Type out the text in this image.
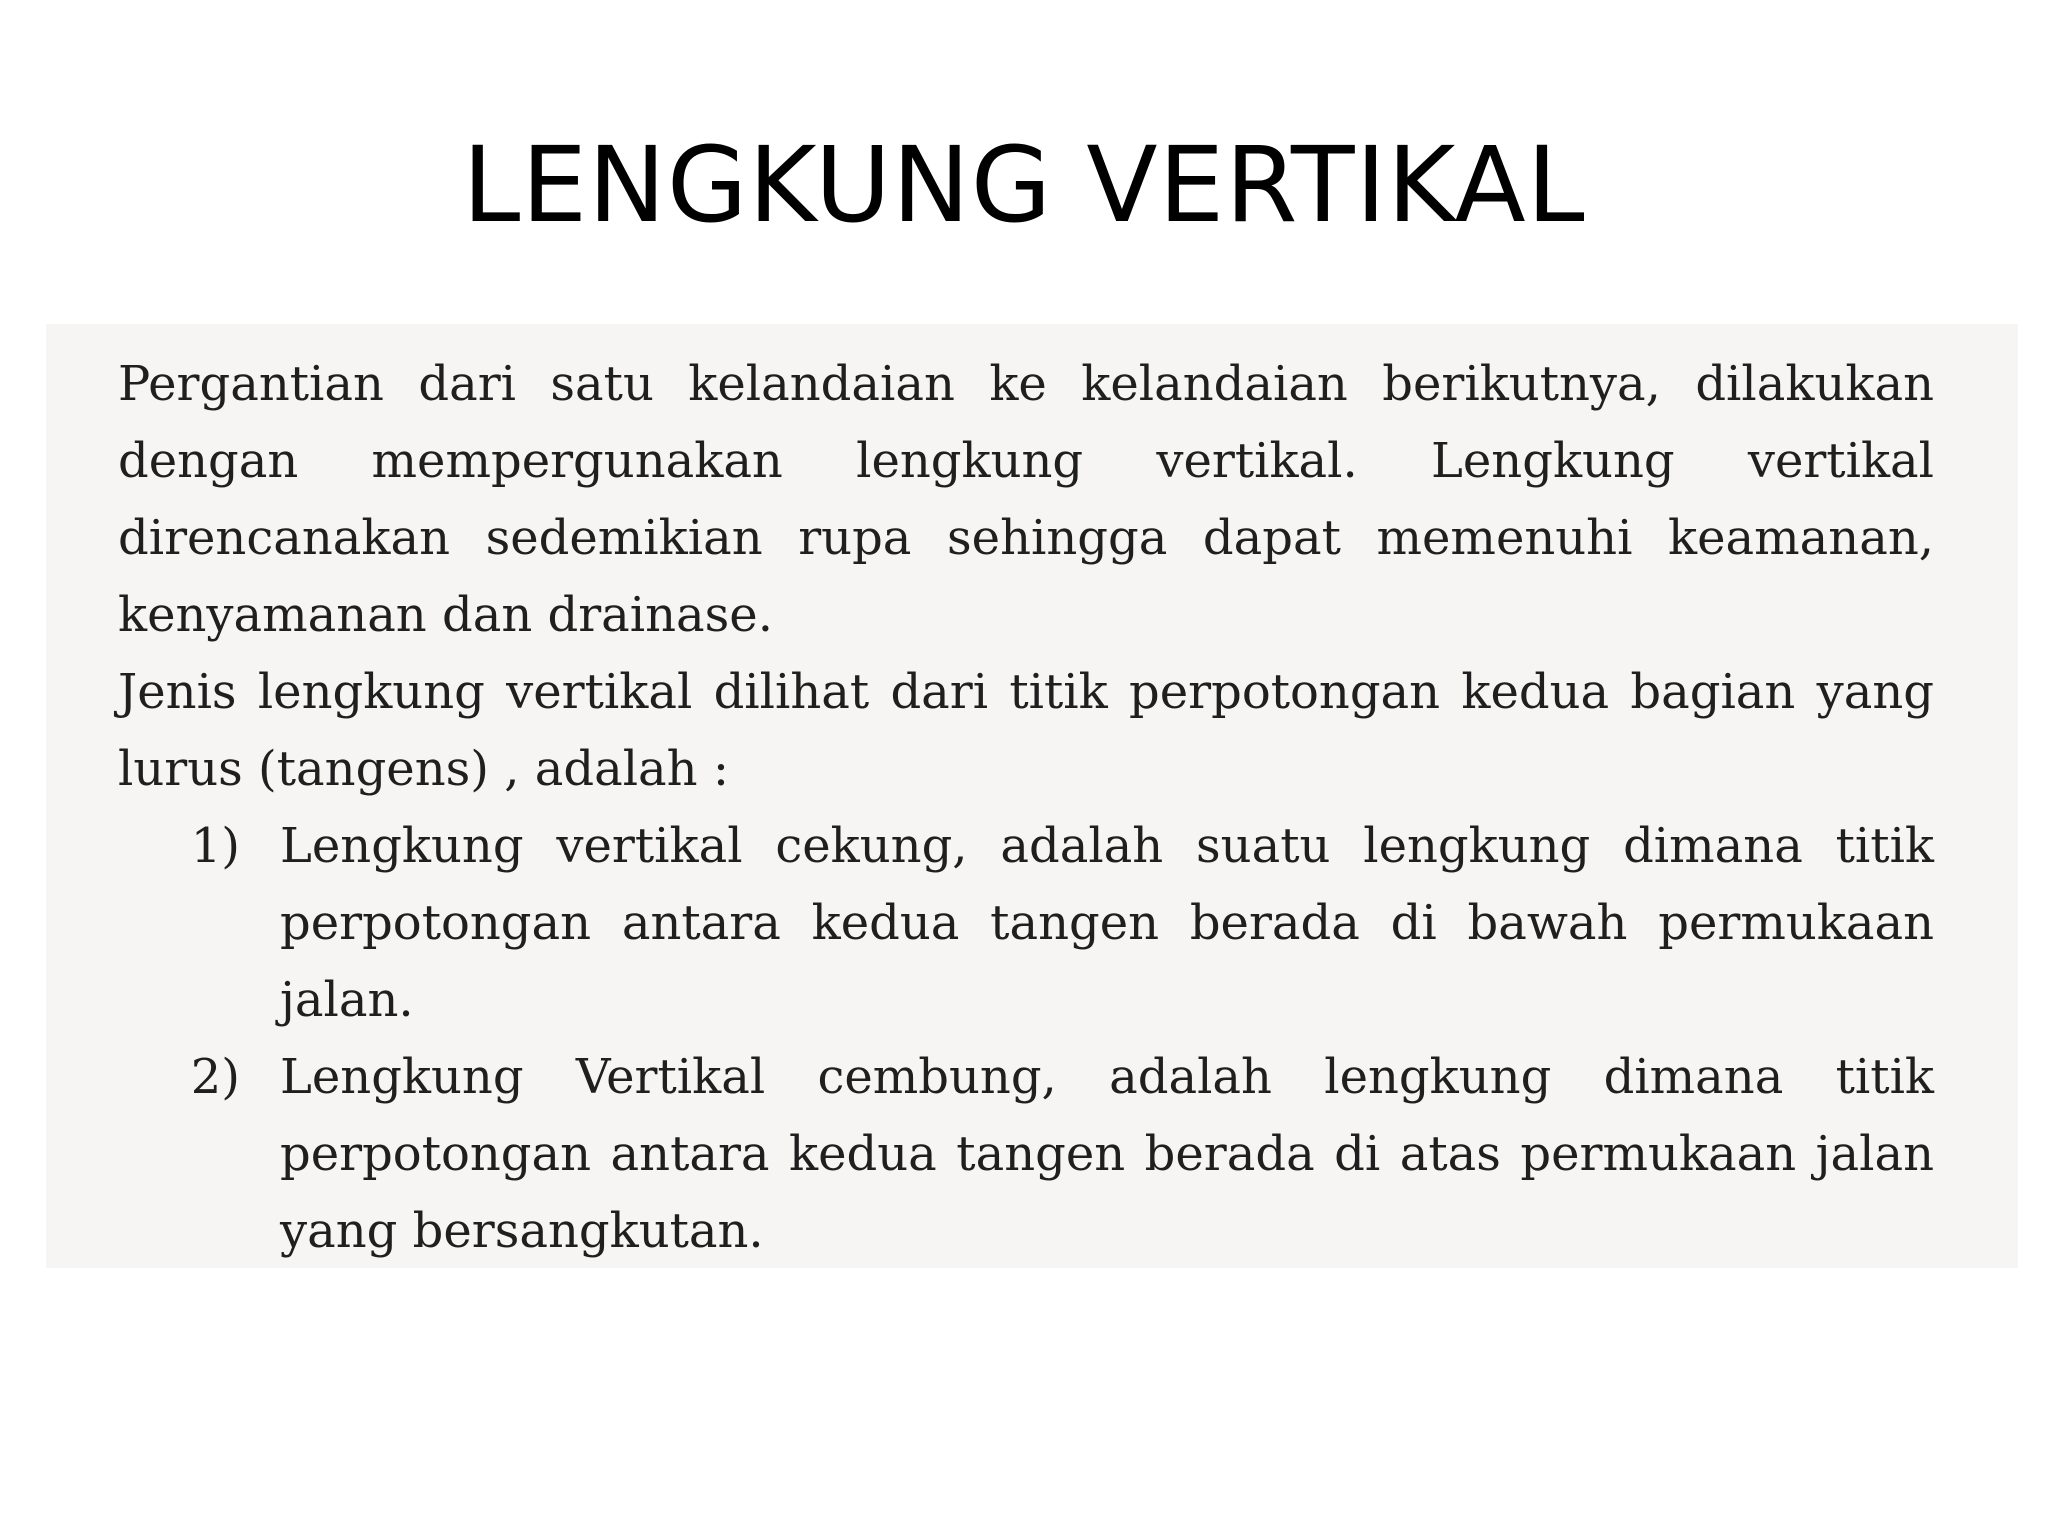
LENGKUNG VERTIKAL

Pergantian dari satu kelandaian ke kelandaian berikutnya, dilakukan dengan mempergunakan lengkung vertikal. Lengkung vertikal direncanakan sedemikian rupa sehingga dapat memenuhi keamanan, kenyamanan dan drainase.

Jenis lengkung vertikal dilihat dari titik perpotongan kedua bagian yang lurus (tangens) , adalah :

1) Lengkung vertikal cekung, adalah suatu lengkung dimana titik perpotongan antara kedua tangen berada di bawah permukaan jalan.
2) Lengkung Vertikal cembung, adalah lengkung dimana titik perpotongan antara kedua tangen berada di atas permukaan jalan yang bersangkutan.
